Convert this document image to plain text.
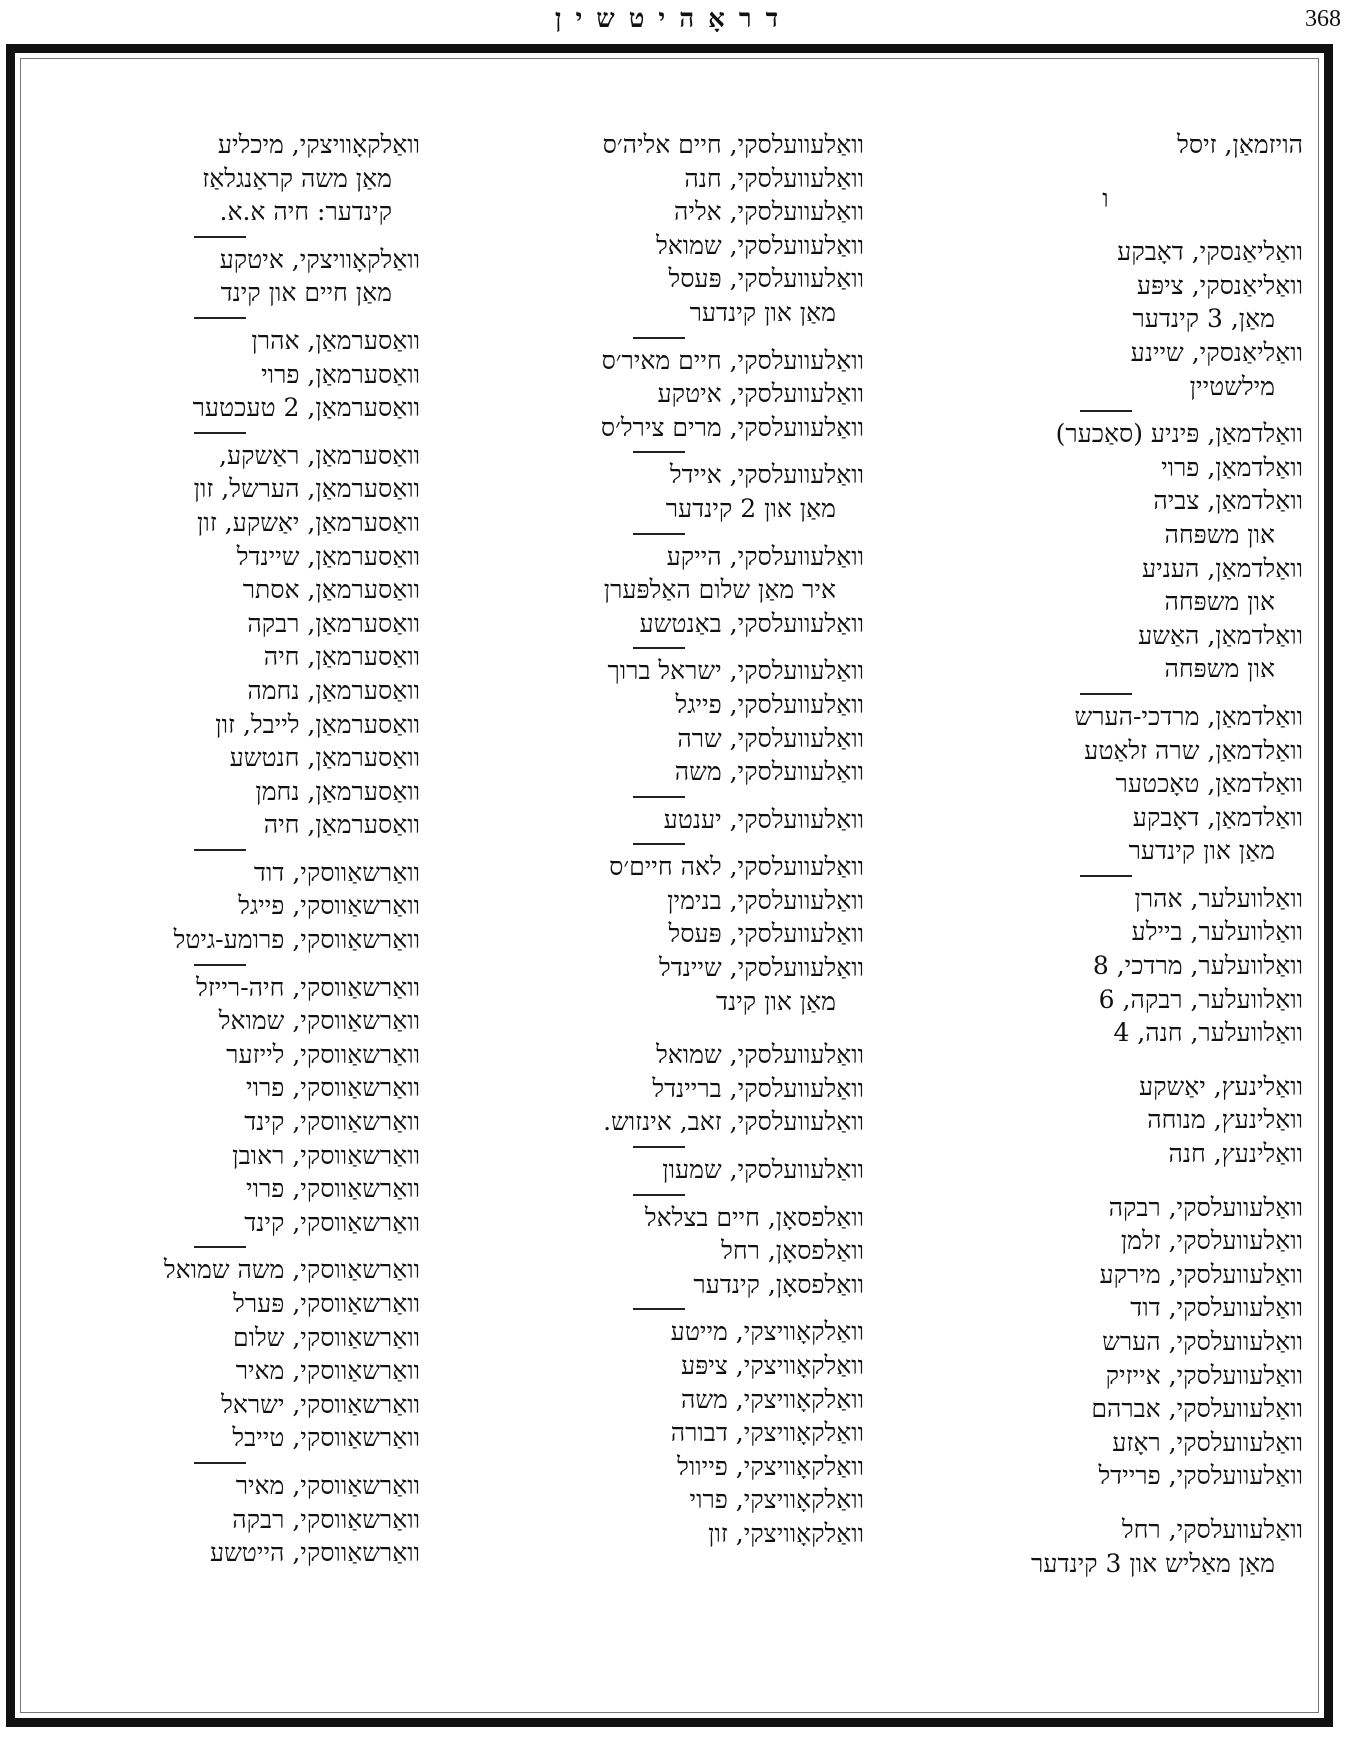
דראָהיטשין	368
הויזמאַן, זיסל
ו
וואַליאַנסקי, דאָבקע
וואַליאַנסקי, ציפּע
מאַן, 3 קינדער
וואַליאַנסקי, שיינע
מילשטיין
וואַלדמאַן, פּיניע (סאַכער)
וואַלדמאַן, פרוי
וואַלדמאַן, צביה
און משפּחה
וואַלדמאַן, העניע
און משפּחה
וואַלדמאַן, האַשע
און משפּחה
וואַלדמאַן, מרדכי-הערש
וואַלדמאַן, שרה זלאַטע
וואַלדמאַן, טאָכטער
וואַלדמאַן, דאָבקע
מאַן און קינדער
וואַלוועלער, אהרן
וואַלוועלער, ביילע
וואַלוועלער, מרדכי, 8
וואַלוועלער, רבקה, 6
וואַלוועלער, חנה, 4
וואַלינעץ, יאַשקע
וואַלינעץ, מנוחה
וואַלינעץ, חנה
וואַלעוועלסקי, רבקה
וואַלעוועלסקי, זלמן
וואַלעוועלסקי, מירקע
וואַלעוועלסקי, דוד
וואַלעוועלסקי, הערש
וואַלעוועלסקי, אייזיק
וואַלעוועלסקי, אברהם
וואַלעוועלסקי, ראָזע
וואַלעוועלסקי, פריידל
וואַלעוועלסקי, רחל
מאַן מאַליש און 3 קינדער
וואַלעוועלסקי, חיים אליה׳ס
וואַלעוועלסקי, חנה
וואַלעוועלסקי, אליה
וואַלעוועלסקי, שמואל
וואַלעוועלסקי, פּעסל
מאַן און קינדער
וואַלעוועלסקי, חיים מאיר׳ס
וואַלעוועלסקי, איטקע
וואַלעוועלסקי, מרים צירל׳ס
וואַלעוועלסקי, איידל
מאַן און 2 קינדער
וואַלעוועלסקי, הייקע
איר מאַן שלום האַלפּערן
וואַלעוועלסקי, באַנטשע
וואַלעוועלסקי, ישראל ברוך
וואַלעוועלסקי, פייגל
וואַלעוועלסקי, שרה
וואַלעוועלסקי, משה
וואַלעוועלסקי, יענטע
וואַלעוועלסקי, לאה חיים׳ס
וואַלעוועלסקי, בנימין
וואַלעוועלסקי, פּעסל
וואַלעוועלסקי, שיינדל
מאַן און קינד
וואַלעוועלסקי, שמואל
וואַלעוועלסקי, בריינדל
וואַלעוועלסקי, זאב, אינזוש.
וואַלעוועלסקי, שמעון
וואַלפסאָן, חיים בצלאל
וואַלפסאָן, רחל
וואַלפסאָן, קינדער
וואַלקאָוויצקי, מייטע
וואַלקאָוויצקי, ציפּע
וואַלקאָוויצקי, משה
וואַלקאָוויצקי, דבורה
וואַלקאָוויצקי, פייוול
וואַלקאָוויצקי, פרוי
וואַלקאָוויצקי, זון
וואַלקאָוויצקי, מיכליע
מאַן משה קראַנגלאַז
קינדער: חיה א.א.
וואַלקאָוויצקי, איטקע
מאַן חיים און קינד
וואַסערמאַן, אהרן
וואַסערמאַן, פרוי
וואַסערמאַן, 2 טעכטער
וואַסערמאַן, ראַשקע,
וואַסערמאַן, הערשל, זון
וואַסערמאַן, יאַשקע, זון
וואַסערמאַן, שיינדל
וואַסערמאַן, אסתר
וואַסערמאַן, רבקה
וואַסערמאַן, חיה
וואַסערמאַן, נחמה
וואַסערמאַן, לייבל, זון
וואַסערמאַן, חנטשע
וואַסערמאַן, נחמן
וואַסערמאַן, חיה
וואַרשאַווסקי, דוד
וואַרשאַווסקי, פייגל
וואַרשאַווסקי, פרומע-גיטל
וואַרשאַווסקי, חיה-רייזל
וואַרשאַווסקי, שמואל
וואַרשאַווסקי, לייזער
וואַרשאַווסקי, פרוי
וואַרשאַווסקי, קינד
וואַרשאַווסקי, ראובן
וואַרשאַווסקי, פרוי
וואַרשאַווסקי, קינד
וואַרשאַווסקי, משה שמואל
וואַרשאַווסקי, פּערל
וואַרשאַווסקי, שלום
וואַרשאַווסקי, מאיר
וואַרשאַווסקי, ישראל
וואַרשאַווסקי, טייבל
וואַרשאַווסקי, מאיר
וואַרשאַווסקי, רבקה
וואַרשאַווסקי, הייטשע
